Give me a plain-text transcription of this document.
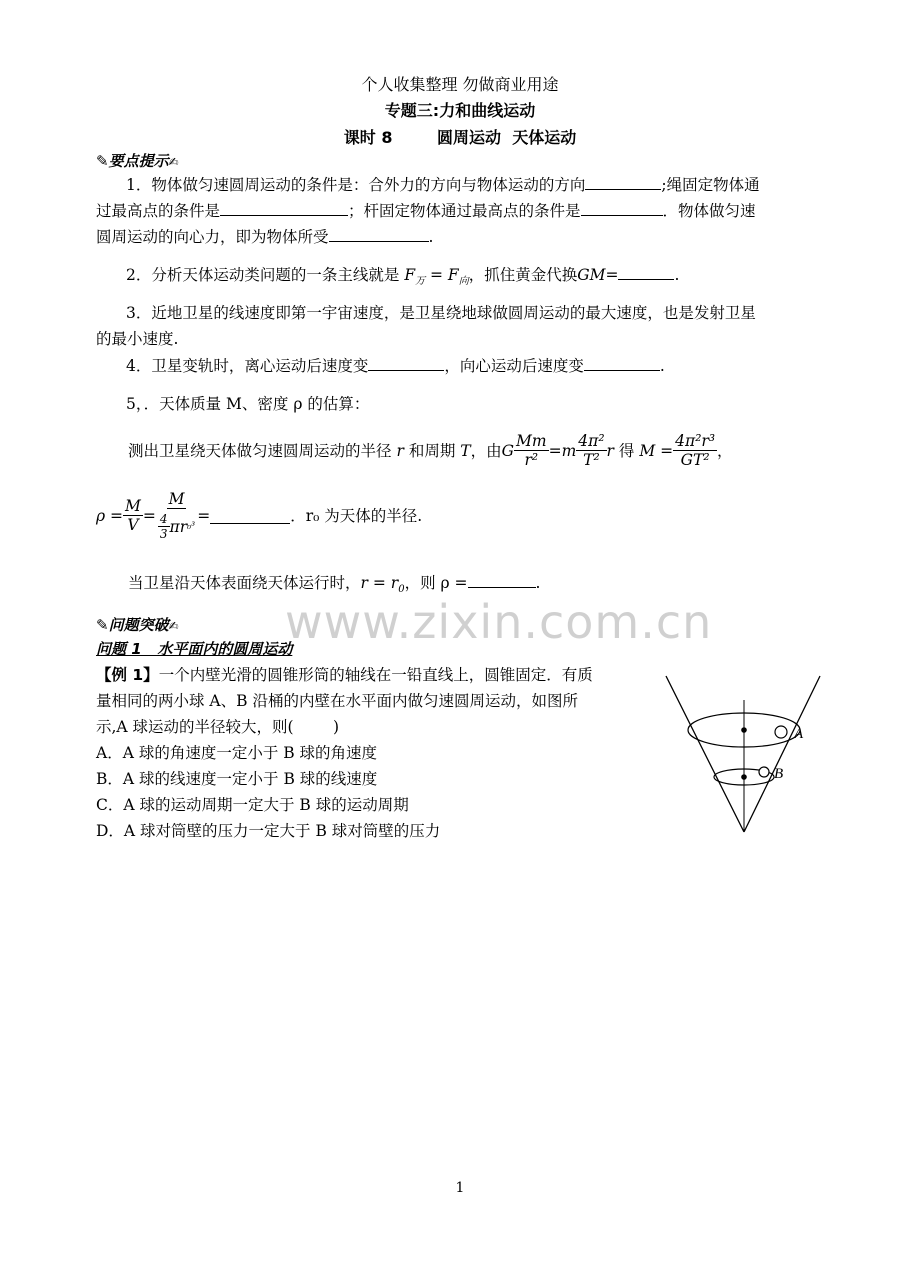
个人收集整理 勿做商业用途
专题三:力和曲线运动
课时 8        圆周运动  天体运动
✎要点提示✍
1．物体做匀速圆周运动的条件是：合外力的方向与物体运动的方向	;绳固定物体通
过最高点的条件是	；杆固定物体通过最高点的条件是	．物体做匀速
圆周运动的向心力，即为物体所受	.
2．分析天体运动类问题的一条主线就是 $F_万 = F_向$，抓住黄金代换GM=	.
3．近地卫星的线速度即第一宇宙速度，是卫星绕地球做圆周运动的最大速度，也是发射卫星
的最小速度.
4．卫星变轨时，离心运动后速度变	，向心运动后速度变	.
5，．天体质量 M、密度 ρ 的估算：
测出卫星绕天体做匀速圆周运动的半径
r
和周期
T ，由 G $\frac{Mm}{\text{r²}} =m \frac{\text{4π²}}{\text{T²}}$ r
得
$M = \frac{\text{4π²r³}}{\text{GT²}}$ ，
$\rho = \frac{M}{V} = \frac{M}{\frac{4}{3} \pi r _0^3}$ =	．r₀ 为天体的半径.
当卫星沿天体表面绕天体运行时，$r = r_0$，则 ρ =	.
www.zixin.com.cn
✎问题突破✍
问题 1   水平面内的圆周运动
【例 1】一个内壁光滑的圆锥形筒的轴线在一铅直线上，圆锥固定．有质
量相同的两小球 A、B 沿桶的内壁在水平面内做匀速圆周运动，如图所
示,A 球运动的半径较大，则(        )
A．A 球的角速度一定小于 B 球的角速度
B．A 球的线速度一定小于 B 球的线速度
C．A 球的运动周期一定大于 B 球的运动周期
D．A 球对筒壁的压力一定大于 B 球对筒壁的压力
A
B
1
